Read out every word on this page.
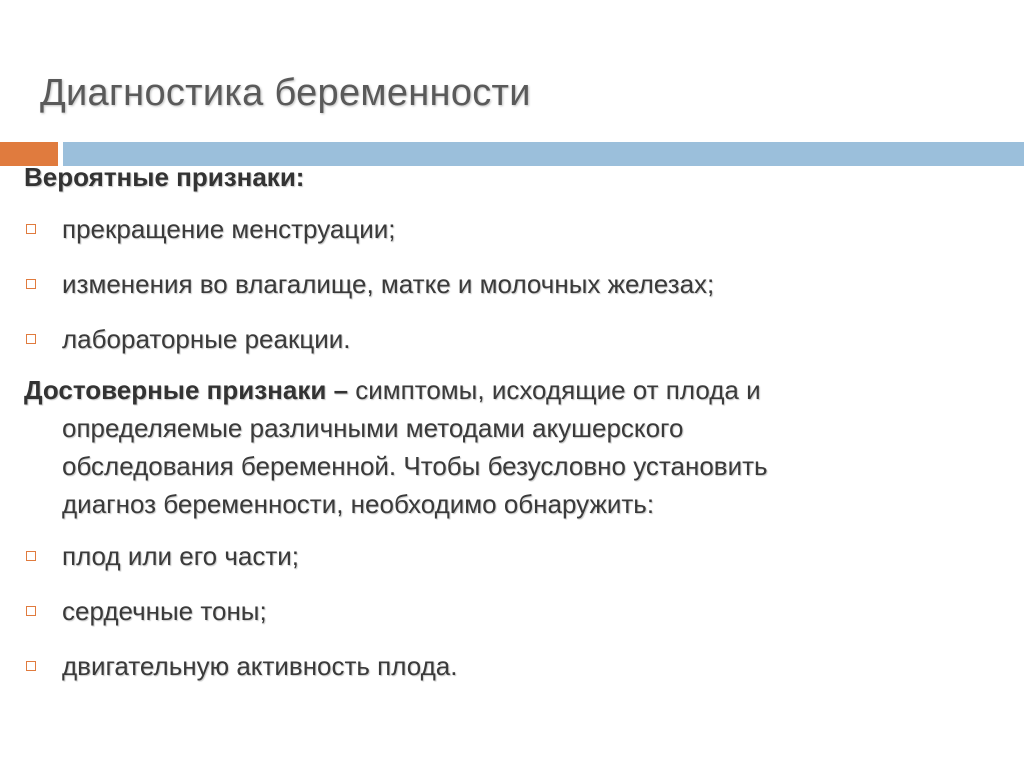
Диагностика беременности
Вероятные признаки:
прекращение менструации;
изменения во влагалище, матке и молочных железах;
лабораторные реакции.
Достоверные признаки – симптомы, исходящие от плода и
определяемые различными методами акушерского
обследования беременной. Чтобы безусловно установить
диагноз беременности, необходимо обнаружить:
плод или его части;
сердечные тоны;
двигательную активность плода.
